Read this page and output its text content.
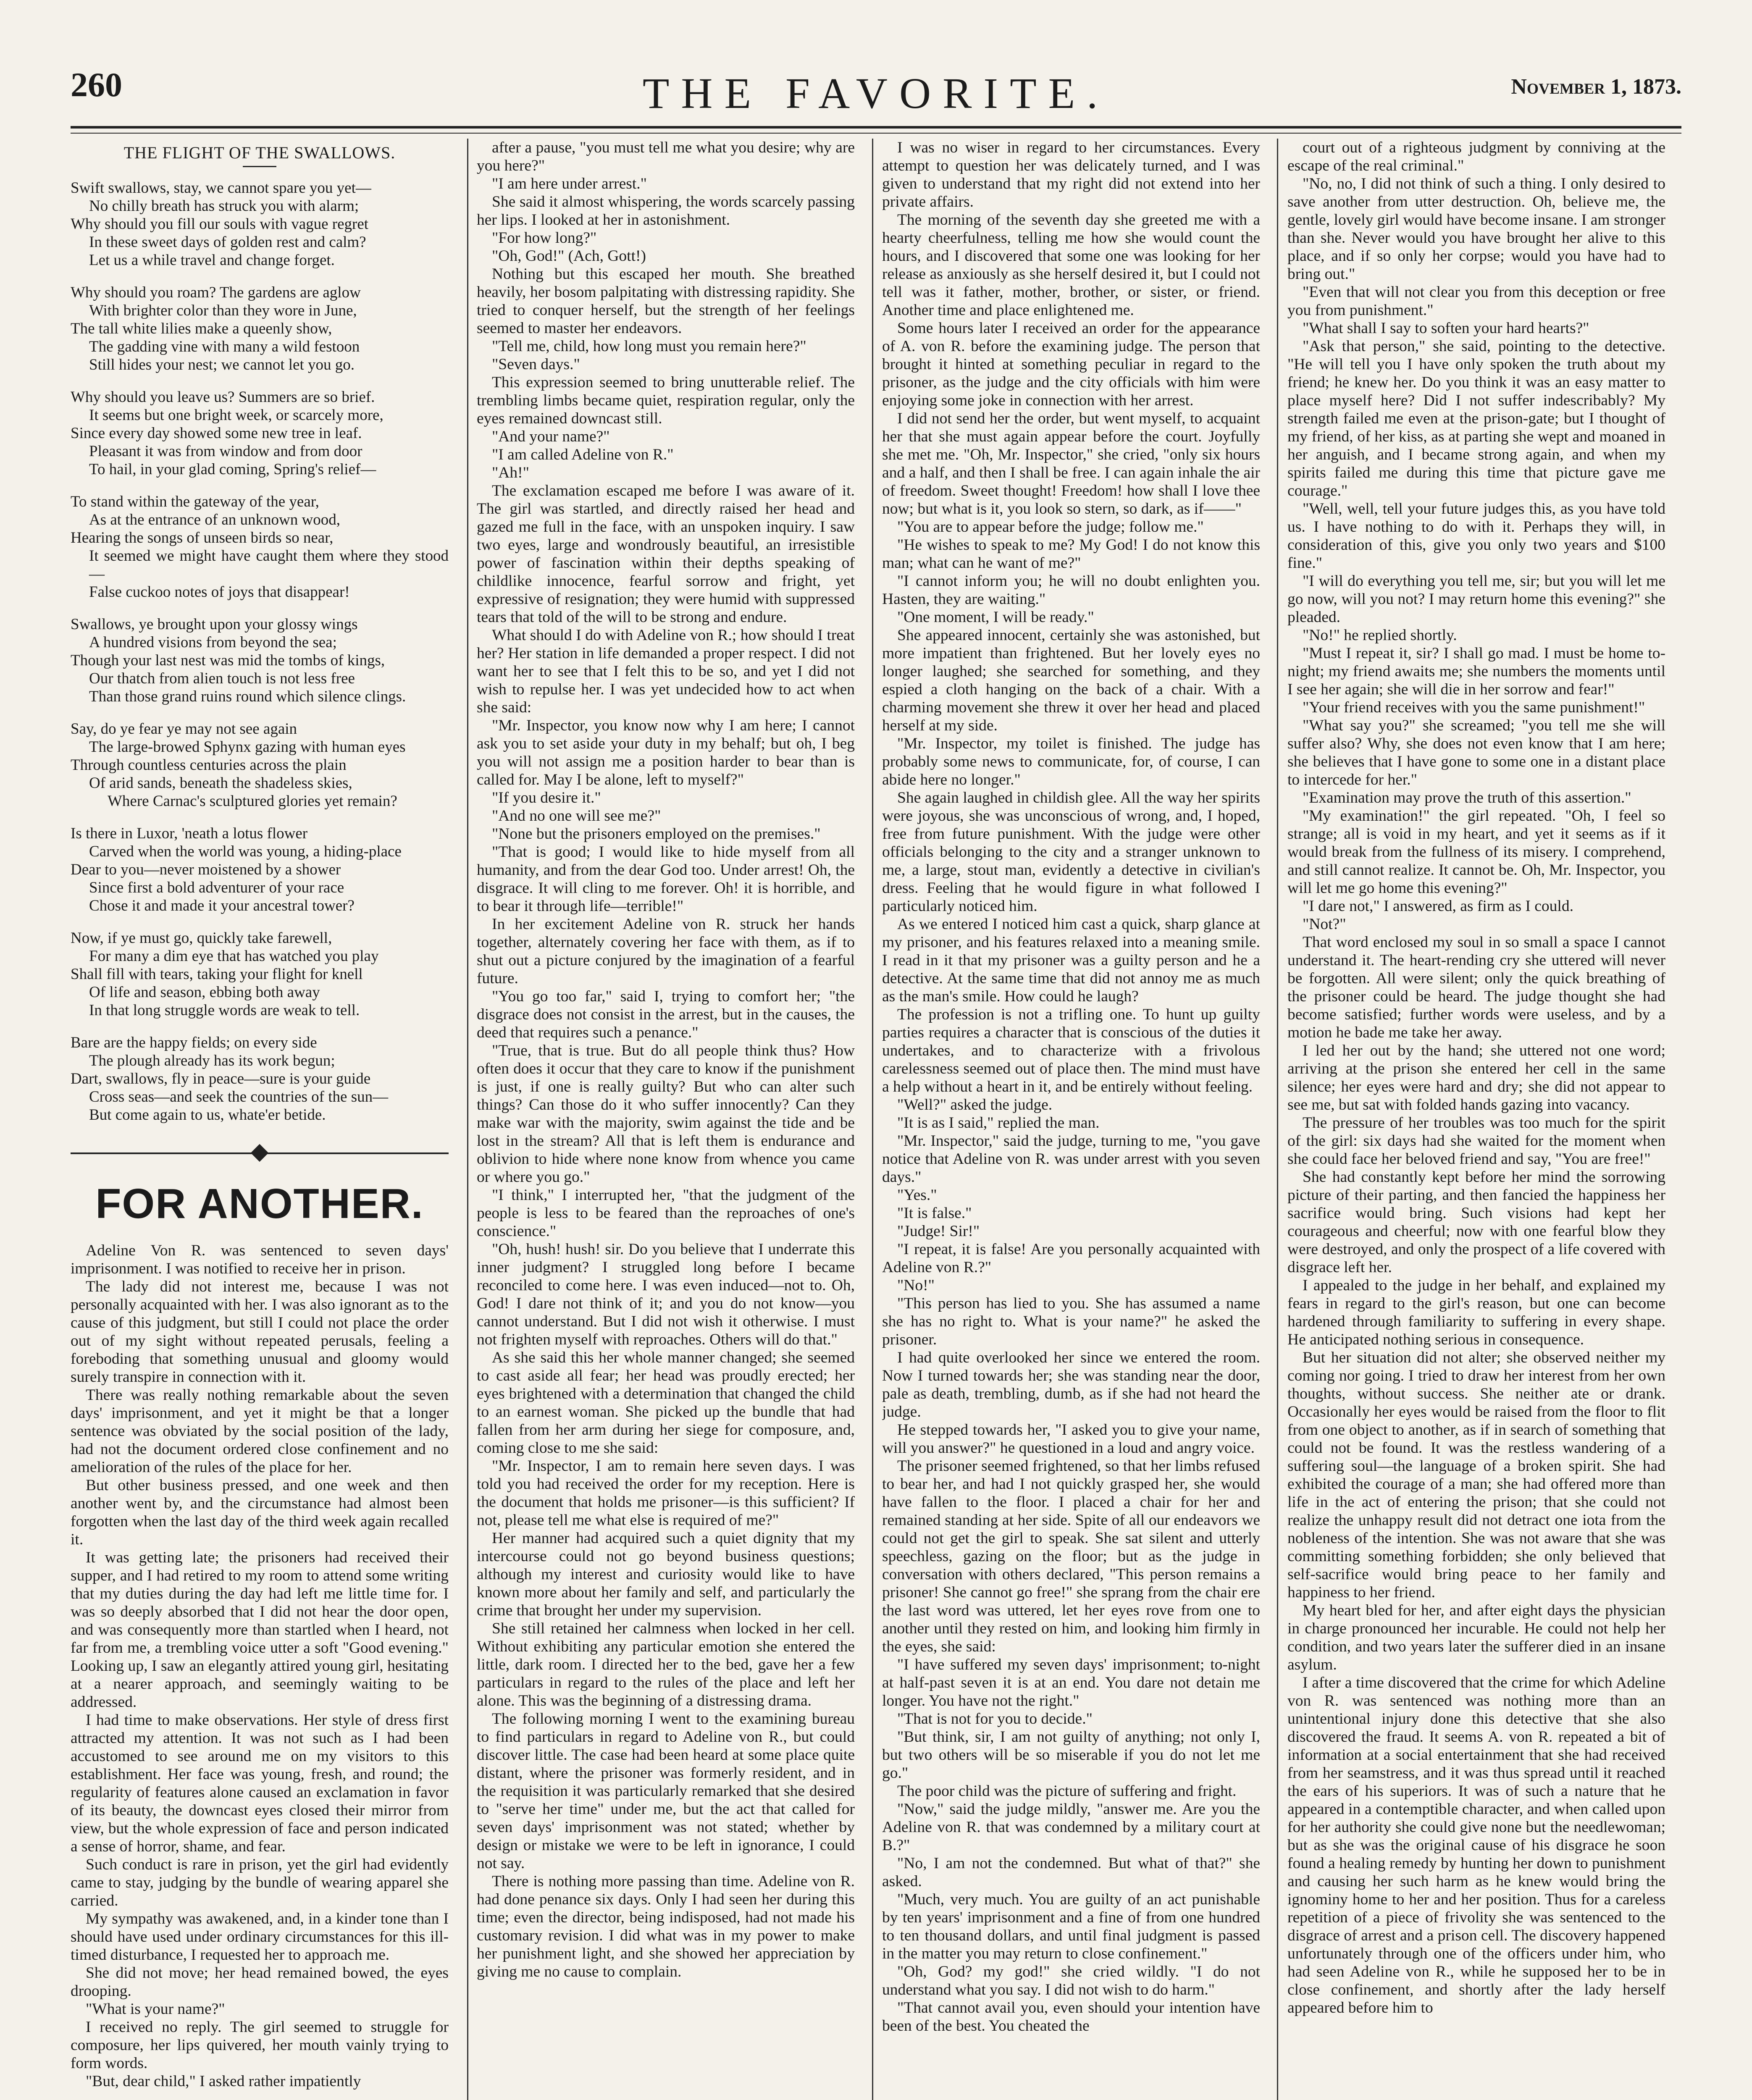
260	THE FAVORITE.	November 1, 1873.
THE FLIGHT OF THE SWALLOWS.
Swift swallows, stay, we cannot spare you yet—
No chilly breath has struck you with alarm;
Why should you fill our souls with vague regret
In these sweet days of golden rest and calm?
Let us a while travel and change forget.
Why should you roam? The gardens are aglow
With brighter color than they wore in June,
The tall white lilies make a queenly show,
The gadding vine with many a wild festoon
Still hides your nest; we cannot let you go.
Why should you leave us? Summers are so brief.
It seems but one bright week, or scarcely more,
Since every day showed some new tree in leaf.
Pleasant it was from window and from door
To hail, in your glad coming, Spring's relief—
To stand within the gateway of the year,
As at the entrance of an unknown wood,
Hearing the songs of unseen birds so near,
It seemed we might have caught them where they stood—
False cuckoo notes of joys that disappear!
Swallows, ye brought upon your glossy wings
A hundred visions from beyond the sea;
Though your last nest was mid the tombs of kings,
Our thatch from alien touch is not less free
Than those grand ruins round which silence clings.
Say, do ye fear ye may not see again
The large-browed Sphynx gazing with human eyes
Through countless centuries across the plain
Of arid sands, beneath the shadeless skies,
Where Carnac's sculptured glories yet remain?
Is there in Luxor, 'neath a lotus flower
Carved when the world was young, a hiding-place
Dear to you—never moistened by a shower
Since first a bold adventurer of your race
Chose it and made it your ancestral tower?
Now, if ye must go, quickly take farewell,
For many a dim eye that has watched you play
Shall fill with tears, taking your flight for knell
Of life and season, ebbing both away
In that long struggle words are weak to tell.
Bare are the happy fields; on every side
The plough already has its work begun;
Dart, swallows, fly in peace—sure is your guide
Cross seas—and seek the countries of the sun—
But come again to us, whate'er betide.
FOR ANOTHER.

Adeline Von R. was sentenced to seven days' imprisonment. I was notified to receive her in prison.

The lady did not interest me, because I was not personally acquainted with her. I was also ignorant as to the cause of this judgment, but still I could not place the order out of my sight without repeated perusals, feeling a foreboding that something unusual and gloomy would surely transpire in connection with it.

There was really nothing remarkable about the seven days' imprisonment, and yet it might be that a longer sentence was obviated by the social position of the lady, had not the document ordered close confinement and no amelioration of the rules of the place for her.

But other business pressed, and one week and then another went by, and the circumstance had almost been forgotten when the last day of the third week again recalled it.

It was getting late; the prisoners had received their supper, and I had retired to my room to attend some writing that my duties during the day had left me little time for. I was so deeply absorbed that I did not hear the door open, and was consequently more than startled when I heard, not far from me, a trembling voice utter a soft "Good evening." Looking up, I saw an elegantly attired young girl, hesitating at a nearer approach, and seemingly waiting to be addressed.

I had time to make observations. Her style of dress first attracted my attention. It was not such as I had been accustomed to see around me on my visitors to this establishment. Her face was young, fresh, and round; the regularity of features alone caused an exclamation in favor of its beauty, the downcast eyes closed their mirror from view, but the whole expression of face and person indicated a sense of horror, shame, and fear.

Such conduct is rare in prison, yet the girl had evidently came to stay, judging by the bundle of wearing apparel she carried.

My sympathy was awakened, and, in a kinder tone than I should have used under ordinary circumstances for this ill-timed disturbance, I requested her to approach me.

She did not move; her head remained bowed, the eyes drooping.

"What is your name?"

I received no reply. The girl seemed to struggle for composure, her lips quivered, her mouth vainly trying to form words.

"But, dear child," I asked rather impatiently

after a pause, "you must tell me what you desire; why are you here?"

"I am here under arrest."

She said it almost whispering, the words scarcely passing her lips. I looked at her in astonishment.

"For how long?"

"Oh, God!" (Ach, Gott!)

Nothing but this escaped her mouth. She breathed heavily, her bosom palpitating with distressing rapidity. She tried to conquer herself, but the strength of her feelings seemed to master her endeavors.

"Tell me, child, how long must you remain here?"

"Seven days."

This expression seemed to bring unutterable relief. The trembling limbs became quiet, respiration regular, only the eyes remained downcast still.

"And your name?"

"I am called Adeline von R."

"Ah!"

The exclamation escaped me before I was aware of it. The girl was startled, and directly raised her head and gazed me full in the face, with an unspoken inquiry. I saw two eyes, large and wondrously beautiful, an irresistible power of fascination within their depths speaking of childlike innocence, fearful sorrow and fright, yet expressive of resignation; they were humid with suppressed tears that told of the will to be strong and endure.

What should I do with Adeline von R.; how should I treat her? Her station in life demanded a proper respect. I did not want her to see that I felt this to be so, and yet I did not wish to repulse her. I was yet undecided how to act when she said:

"Mr. Inspector, you know now why I am here; I cannot ask you to set aside your duty in my behalf; but oh, I beg you will not assign me a position harder to bear than is called for. May I be alone, left to myself?"

"If you desire it."

"And no one will see me?"

"None but the prisoners employed on the premises."

"That is good; I would like to hide myself from all humanity, and from the dear God too. Under arrest! Oh, the disgrace. It will cling to me forever. Oh! it is horrible, and to bear it through life—terrible!"

In her excitement Adeline von R. struck her hands together, alternately covering her face with them, as if to shut out a picture conjured by the imagination of a fearful future.

"You go too far," said I, trying to comfort her; "the disgrace does not consist in the arrest, but in the causes, the deed that requires such a penance."

"True, that is true. But do all people think thus? How often does it occur that they care to know if the punishment is just, if one is really guilty? But who can alter such things? Can those do it who suffer innocently? Can they make war with the majority, swim against the tide and be lost in the stream? All that is left them is endurance and oblivion to hide where none know from whence you came or where you go."

"I think," I interrupted her, "that the judgment of the people is less to be feared than the reproaches of one's conscience."

"Oh, hush! hush! sir. Do you believe that I underrate this inner judgment? I struggled long before I became reconciled to come here. I was even induced—not to. Oh, God! I dare not think of it; and you do not know—you cannot understand. But I did not wish it otherwise. I must not frighten myself with reproaches. Others will do that."

As she said this her whole manner changed; she seemed to cast aside all fear; her head was proudly erected; her eyes brightened with a determination that changed the child to an earnest woman. She picked up the bundle that had fallen from her arm during her siege for composure, and, coming close to me she said:

"Mr. Inspector, I am to remain here seven days. I was told you had received the order for my reception. Here is the document that holds me prisoner—is this sufficient? If not, please tell me what else is required of me?"

Her manner had acquired such a quiet dignity that my intercourse could not go beyond business questions; although my interest and curiosity would like to have known more about her family and self, and particularly the crime that brought her under my supervision.

She still retained her calmness when locked in her cell. Without exhibiting any particular emotion she entered the little, dark room. I directed her to the bed, gave her a few particulars in regard to the rules of the place and left her alone. This was the beginning of a distressing drama.

The following morning I went to the examining bureau to find particulars in regard to Adeline von R., but could discover little. The case had been heard at some place quite distant, where the prisoner was formerly resident, and in the requisition it was particularly remarked that she desired to "serve her time" under me, but the act that called for seven days' imprisonment was not stated; whether by design or mistake we were to be left in ignorance, I could not say.

There is nothing more passing than time. Adeline von R. had done penance six days. Only I had seen her during this time; even the director, being indisposed, had not made his customary revision. I did what was in my power to make her punishment light, and she showed her appreciation by giving me no cause to complain.

I was no wiser in regard to her circumstances. Every attempt to question her was delicately turned, and I was given to understand that my right did not extend into her private affairs.

The morning of the seventh day she greeted me with a hearty cheerfulness, telling me how she would count the hours, and I discovered that some one was looking for her release as anxiously as she herself desired it, but I could not tell was it father, mother, brother, or sister, or friend. Another time and place enlightened me.

Some hours later I received an order for the appearance of A. von R. before the examining judge. The person that brought it hinted at something peculiar in regard to the prisoner, as the judge and the city officials with him were enjoying some joke in connection with her arrest.

I did not send her the order, but went myself, to acquaint her that she must again appear before the court. Joyfully she met me. "Oh, Mr. Inspector," she cried, "only six hours and a half, and then I shall be free. I can again inhale the air of freedom. Sweet thought! Freedom! how shall I love thee now; but what is it, you look so stern, so dark, as if——"

"You are to appear before the judge; follow me."

"He wishes to speak to me? My God! I do not know this man; what can he want of me?"

"I cannot inform you; he will no doubt enlighten you. Hasten, they are waiting."

"One moment, I will be ready."

She appeared innocent, certainly she was astonished, but more impatient than frightened. But her lovely eyes no longer laughed; she searched for something, and they espied a cloth hanging on the back of a chair. With a charming movement she threw it over her head and placed herself at my side.

"Mr. Inspector, my toilet is finished. The judge has probably some news to communicate, for, of course, I can abide here no longer."

She again laughed in childish glee. All the way her spirits were joyous, she was unconscious of wrong, and, I hoped, free from future punishment. With the judge were other officials belonging to the city and a stranger unknown to me, a large, stout man, evidently a detective in civilian's dress. Feeling that he would figure in what followed I particularly noticed him.

As we entered I noticed him cast a quick, sharp glance at my prisoner, and his features relaxed into a meaning smile. I read in it that my prisoner was a guilty person and he a detective. At the same time that did not annoy me as much as the man's smile. How could he laugh?

The profession is not a trifling one. To hunt up guilty parties requires a character that is conscious of the duties it undertakes, and to characterize with a frivolous carelessness seemed out of place then. The mind must have a help without a heart in it, and be entirely without feeling.

"Well?" asked the judge.

"It is as I said," replied the man.

"Mr. Inspector," said the judge, turning to me, "you gave notice that Adeline von R. was under arrest with you seven days."

"Yes."

"It is false."

"Judge! Sir!"

"I repeat, it is false! Are you personally acquainted with Adeline von R.?"

"No!"

"This person has lied to you. She has assumed a name she has no right to. What is your name?" he asked the prisoner.

I had quite overlooked her since we entered the room. Now I turned towards her; she was standing near the door, pale as death, trembling, dumb, as if she had not heard the judge.

He stepped towards her, "I asked you to give your name, will you answer?" he questioned in a loud and angry voice.

The prisoner seemed frightened, so that her limbs refused to bear her, and had I not quickly grasped her, she would have fallen to the floor. I placed a chair for her and remained standing at her side. Spite of all our endeavors we could not get the girl to speak. She sat silent and utterly speechless, gazing on the floor; but as the judge in conversation with others declared, "This person remains a prisoner! She cannot go free!" she sprang from the chair ere the last word was uttered, let her eyes rove from one to another until they rested on him, and looking him firmly in the eyes, she said:

"I have suffered my seven days' imprisonment; to-night at half-past seven it is at an end. You dare not detain me longer. You have not the right."

"That is not for you to decide."

"But think, sir, I am not guilty of anything; not only I, but two others will be so miserable if you do not let me go."

The poor child was the picture of suffering and fright.

"Now," said the judge mildly, "answer me. Are you the Adeline von R. that was condemned by a military court at B.?"

"No, I am not the condemned. But what of that?" she asked.

"Much, very much. You are guilty of an act punishable by ten years' imprisonment and a fine of from one hundred to ten thousand dollars, and until final judgment is passed in the matter you may return to close confinement."

"Oh, God? my god!" she cried wildly. "I do not understand what you say. I did not wish to do harm."

"That cannot avail you, even should your intention have been of the best. You cheated the

court out of a righteous judgment by conniving at the escape of the real criminal."

"No, no, I did not think of such a thing. I only desired to save another from utter destruction. Oh, believe me, the gentle, lovely girl would have become insane. I am stronger than she. Never would you have brought her alive to this place, and if so only her corpse; would you have had to bring out."

"Even that will not clear you from this deception or free you from punishment."

"What shall I say to soften your hard hearts?"

"Ask that person," she said, pointing to the detective. "He will tell you I have only spoken the truth about my friend; he knew her. Do you think it was an easy matter to place myself here? Did I not suffer indescribably? My strength failed me even at the prison-gate; but I thought of my friend, of her kiss, as at parting she wept and moaned in her anguish, and I became strong again, and when my spirits failed me during this time that picture gave me courage."

"Well, well, tell your future judges this, as you have told us. I have nothing to do with it. Perhaps they will, in consideration of this, give you only two years and $100 fine."

"I will do everything you tell me, sir; but you will let me go now, will you not? I may return home this evening?" she pleaded.

"No!" he replied shortly.

"Must I repeat it, sir? I shall go mad. I must be home to-night; my friend awaits me; she numbers the moments until I see her again; she will die in her sorrow and fear!"

"Your friend receives with you the same punishment!"

"What say you?" she screamed; "you tell me she will suffer also? Why, she does not even know that I am here; she believes that I have gone to some one in a distant place to intercede for her."

"Examination may prove the truth of this assertion."

"My examination!" the girl repeated. "Oh, I feel so strange; all is void in my heart, and yet it seems as if it would break from the fullness of its misery. I comprehend, and still cannot realize. It cannot be. Oh, Mr. Inspector, you will let me go home this evening?"

"I dare not," I answered, as firm as I could.

"Not?"

That word enclosed my soul in so small a space I cannot understand it. The heart-rending cry she uttered will never be forgotten. All were silent; only the quick breathing of the prisoner could be heard. The judge thought she had become satisfied; further words were useless, and by a motion he bade me take her away.

I led her out by the hand; she uttered not one word; arriving at the prison she entered her cell in the same silence; her eyes were hard and dry; she did not appear to see me, but sat with folded hands gazing into vacancy.

The pressure of her troubles was too much for the spirit of the girl: six days had she waited for the moment when she could face her beloved friend and say, "You are free!"

She had constantly kept before her mind the sorrowing picture of their parting, and then fancied the happiness her sacrifice would bring. Such visions had kept her courageous and cheerful; now with one fearful blow they were destroyed, and only the prospect of a life covered with disgrace left her.

I appealed to the judge in her behalf, and explained my fears in regard to the girl's reason, but one can become hardened through familiarity to suffering in every shape. He anticipated nothing serious in consequence.

But her situation did not alter; she observed neither my coming nor going. I tried to draw her interest from her own thoughts, without success. She neither ate or drank. Occasionally her eyes would be raised from the floor to flit from one object to another, as if in search of something that could not be found. It was the restless wandering of a suffering soul—the language of a broken spirit. She had exhibited the courage of a man; she had offered more than life in the act of entering the prison; that she could not realize the unhappy result did not detract one iota from the nobleness of the intention. She was not aware that she was committing something forbidden; she only believed that self-sacrifice would bring peace to her family and happiness to her friend.

My heart bled for her, and after eight days the physician in charge pronounced her incurable. He could not help her condition, and two years later the sufferer died in an insane asylum.

I after a time discovered that the crime for which Adeline von R. was sentenced was nothing more than an unintentional injury done this detective that she also discovered the fraud. It seems A. von R. repeated a bit of information at a social entertainment that she had received from her seamstress, and it was thus spread until it reached the ears of his superiors. It was of such a nature that he appeared in a contemptible character, and when called upon for her authority she could give none but the needlewoman; but as she was the original cause of his disgrace he soon found a healing remedy by hunting her down to punishment and causing her such harm as he knew would bring the ignominy home to her and her position. Thus for a careless repetition of a piece of frivolity she was sentenced to the disgrace of arrest and a prison cell. The discovery happened unfortunately through one of the officers under him, who had seen Adeline von R., while he supposed her to be in close confinement, and shortly after the lady herself appeared before him to
